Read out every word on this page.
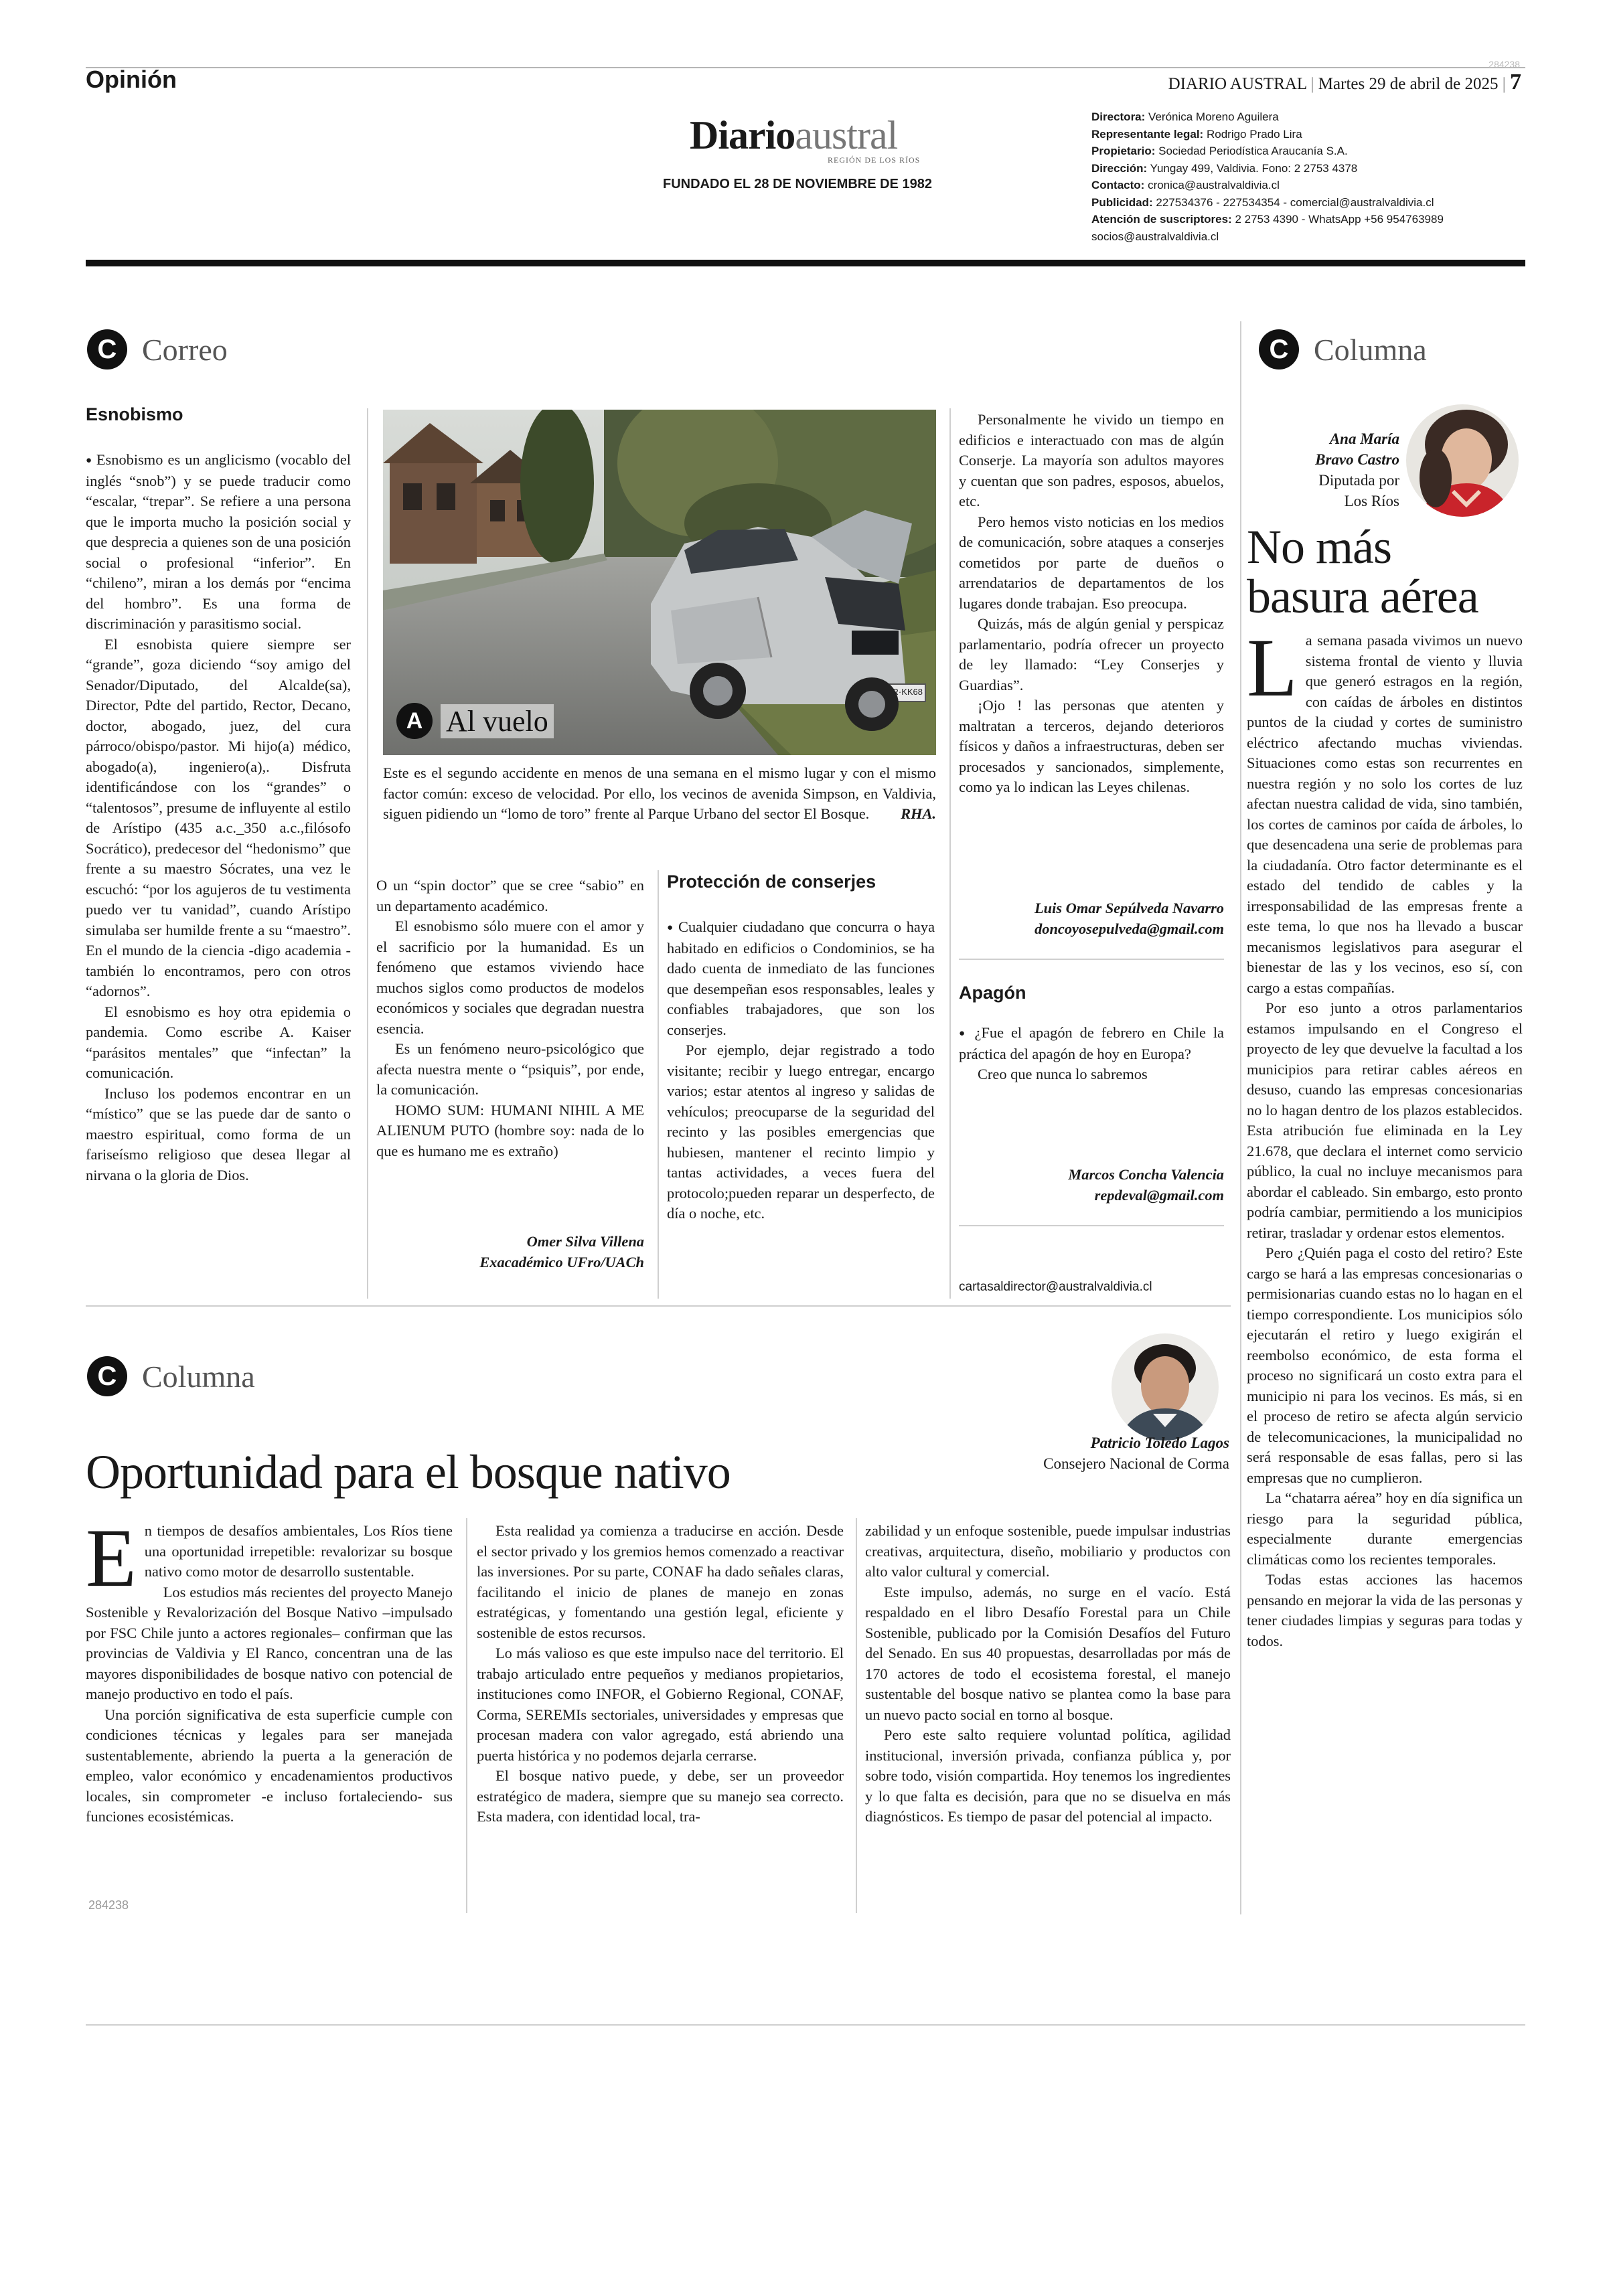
Opinión
284238
DIARIO AUSTRAL | Martes 29 de abril de 2025 | 7
Diarioaustral
REGIÓN DE LOS RÍOS
FUNDADO EL 28 DE NOVIEMBRE DE 1982
Directora: Verónica Moreno Aguilera
Representante legal: Rodrigo Prado Lira
Propietario: Sociedad Periodística Araucanía S.A.
Dirección: Yungay 499, Valdivia. Fono: 2 2753 4378
Contacto: cronica@australvaldivia.cl
Publicidad: 227534376 - 227534354 - comercial@australvaldivia.cl
Atención de suscriptores: 2 2753 4390 - WhatsApp +56 954763989
socios@australvaldivia.cl
C Correo
Esnobismo

● Esnobismo es un anglicismo (vocablo del inglés “snob”) y se puede traducir como “escalar, “trepar”. Se refiere a una persona que le importa mucho la posición social y que desprecia a quienes son de una posición social o profesional “inferior”. En “chileno”, miran a los demás por “encima del hombro”. Es una forma de discriminación y parasitismo social.

El esnobista quiere siempre ser “grande”, goza diciendo “soy amigo del Senador/Diputado, del Alcalde(sa), Director, Pdte del partido, Rector, Decano, doctor, abogado, juez, del cura párroco/obispo/pastor. Mi hijo(a) médico, abogado(a), ingeniero(a),. Disfruta identificándose con los “grandes” o “talentosos”, presume de influyente al estilo de Arístipo (435 a.c._350 a.c.,filósofo Socrático), predecesor del “hedonismo” que frente a su maestro Sócrates, una vez le escuchó: “por los agujeros de tu vestimenta puedo ver tu vanidad”, cuando Arístipo simulaba ser humilde frente a su “maestro”. En el mundo de la ciencia -digo academia - también lo encontramos, pero con otros “adornos”.

El esnobismo es hoy otra epidemia o pandemia. Como escribe A. Kaiser “parásitos mentales” que “infectan” la comunicación.

Incluso los podemos encontrar en un “místico” que se las puede dar de santo o maestro espiritual, como forma de un fariseísmo religioso que desea llegar al nirvana o la gloria de Dios.

A Al vuelo
JR·KK68
Este es el segundo accidente en menos de una semana en el mismo lugar y con el mismo factor común: exceso de velocidad. Por ello, los vecinos de avenida Simpson, en Valdivia, siguen pidiendo un “lomo de toro” frente al Parque Urbano del sector El Bosque. RHA.

O un “spin doctor” que se cree “sabio” en un departamento académico.

El esnobismo sólo muere con el amor y el sacrificio por la humanidad. Es un fenómeno que estamos viviendo hace muchos siglos como productos de modelos económicos y sociales que degradan nuestra esencia.

Es un fenómeno neuro-psicológico que afecta nuestra mente o “psiquis”, por ende, la comunicación.

HOMO SUM: HUMANI NIHIL A ME ALIENUM PUTO (hombre soy: nada de lo que es humano me es extraño)

Omer Silva Villena
Exacadémico UFro/UACh
Protección de conserjes

● Cualquier ciudadano que concurra o haya habitado en edificios o Condominios, se ha dado cuenta de inmediato de las funciones que desempeñan esos responsables, leales y confiables trabajadores, que son los conserjes.

Por ejemplo, dejar registrado a todo visitante; recibir y luego entregar, encargo varios; estar atentos al ingreso y salidas de vehículos; preocuparse de la seguridad del recinto y las posibles emergencias que hubiesen, mantener el recinto limpio y tantas actividades, a veces fuera del protocolo;pueden reparar un desperfecto, de día o noche, etc.

Personalmente he vivido un tiempo en edificios e interactuado con mas de algún Conserje. La mayoría son adultos mayores y cuentan que son padres, esposos, abuelos, etc.

Pero hemos visto noticias en los medios de comunicación, sobre ataques a conserjes cometidos por parte de dueños o arrendatarios de departamentos de los lugares donde trabajan. Eso preocupa.

Quizás, más de algún genial y perspicaz parlamentario, podría ofrecer un proyecto de ley llamado: “Ley Conserjes y Guardias”.

¡Ojo ! las personas que atenten y maltratan a terceros, dejando deterioros físicos y daños a infraestructuras, deben ser procesados y sancionados, simplemente, como ya lo indican las Leyes chilenas.

Luis Omar Sepúlveda Navarro
doncoyosepulveda@gmail.com
Apagón

● ¿Fue el apagón de febrero en Chile la práctica del apagón de hoy en Europa?

Creo que nunca lo sabremos

Marcos Concha Valencia
repdeval@gmail.com
cartasaldirector@australvaldivia.cl
C Columna
Ana María
Bravo Castro
Diputada por
Los Ríos
No más
basura aérea

La semana pasada vivimos un nuevo sistema frontal de viento y lluvia que generó estragos en la región, con caídas de árboles en distintos puntos de la ciudad y cortes de suministro eléctrico afectando muchas viviendas. Situaciones como estas son recurrentes en nuestra región y no solo los cortes de luz afectan nuestra calidad de vida, sino también, los cortes de caminos por caída de árboles, lo que desencadena una serie de problemas para la ciudadanía. Otro factor determinante es el estado del tendido de cables y la irresponsabilidad de las empresas frente a este tema, lo que nos ha llevado a buscar mecanismos legislativos para asegurar el bienestar de las y los vecinos, eso sí, con cargo a estas compañías.

Por eso junto a otros parlamentarios estamos impulsando en el Congreso el proyecto de ley que devuelve la facultad a los municipios para retirar cables aéreos en desuso, cuando las empresas concesionarias no lo hagan dentro de los plazos establecidos. Esta atribución fue eliminada en la Ley 21.678, que declara el internet como servicio público, la cual no incluye mecanismos para abordar el cableado. Sin embargo, esto pronto podría cambiar, permitiendo a los municipios retirar, trasladar y ordenar estos elementos.

Pero ¿Quién paga el costo del retiro? Este cargo se hará a las empresas concesionarias o permisionarias cuando estas no lo hagan en el tiempo correspondiente. Los municipios sólo ejecutarán el retiro y luego exigirán el reembolso económico, de esta forma el proceso no significará un costo extra para el municipio ni para los vecinos. Es más, si en el proceso de retiro se afecta algún servicio de telecomunicaciones, la municipalidad no será responsable de esas fallas, pero si las empresas que no cumplieron.

La “chatarra aérea” hoy en día significa un riesgo para la seguridad pública, especialmente durante emergencias climáticas como los recientes temporales.

Todas estas acciones las hacemos pensando en mejorar la vida de las personas y tener ciudades limpias y seguras para todas y todos.

C Columna
Patricio Toledo Lagos
Consejero Nacional de Corma
Oportunidad para el bosque nativo

En tiempos de desafíos ambientales, Los Ríos tiene una oportunidad irrepetible: revalorizar su bosque nativo como motor de desarrollo sustentable.

Los estudios más recientes del proyecto Manejo Sostenible y Revalorización del Bosque Nativo –impulsado por FSC Chile junto a actores regionales– confirman que las provincias de Valdivia y El Ranco, concentran una de las mayores disponibilidades de bosque nativo con potencial de manejo productivo en todo el país.

Una porción significativa de esta superficie cumple con condiciones técnicas y legales para ser manejada sustentablemente, abriendo la puerta a la generación de empleo, valor económico y encadenamientos productivos locales, sin comprometer -e incluso fortaleciendo- sus funciones ecosistémicas.

284238

Esta realidad ya comienza a traducirse en acción. Desde el sector privado y los gremios hemos comenzado a reactivar las inversiones. Por su parte, CONAF ha dado señales claras, facilitando el inicio de planes de manejo en zonas estratégicas, y fomentando una gestión legal, eficiente y sostenible de estos recursos.

Lo más valioso es que este impulso nace del territorio. El trabajo articulado entre pequeños y medianos propietarios, instituciones como INFOR, el Gobierno Regional, CONAF, Corma, SEREMIs sectoriales, universidades y empresas que procesan madera con valor agregado, está abriendo una puerta histórica y no podemos dejarla cerrarse.

El bosque nativo puede, y debe, ser un proveedor estratégico de madera, siempre que su manejo sea correcto. Esta madera, con identidad local, tra-

zabilidad y un enfoque sostenible, puede impulsar industrias creativas, arquitectura, diseño, mobiliario y productos con alto valor cultural y comercial.

Este impulso, además, no surge en el vacío. Está respaldado en el libro Desafío Forestal para un Chile Sostenible, publicado por la Comisión Desafíos del Futuro del Senado. En sus 40 propuestas, desarrolladas por más de 170 actores de todo el ecosistema forestal, el manejo sustentable del bosque nativo se plantea como la base para un nuevo pacto social en torno al bosque.

Pero este salto requiere voluntad política, agilidad institucional, inversión privada, confianza pública y, por sobre todo, visión compartida. Hoy tenemos los ingredientes y lo que falta es decisión, para que no se disuelva en más diagnósticos. Es tiempo de pasar del potencial al impacto.
